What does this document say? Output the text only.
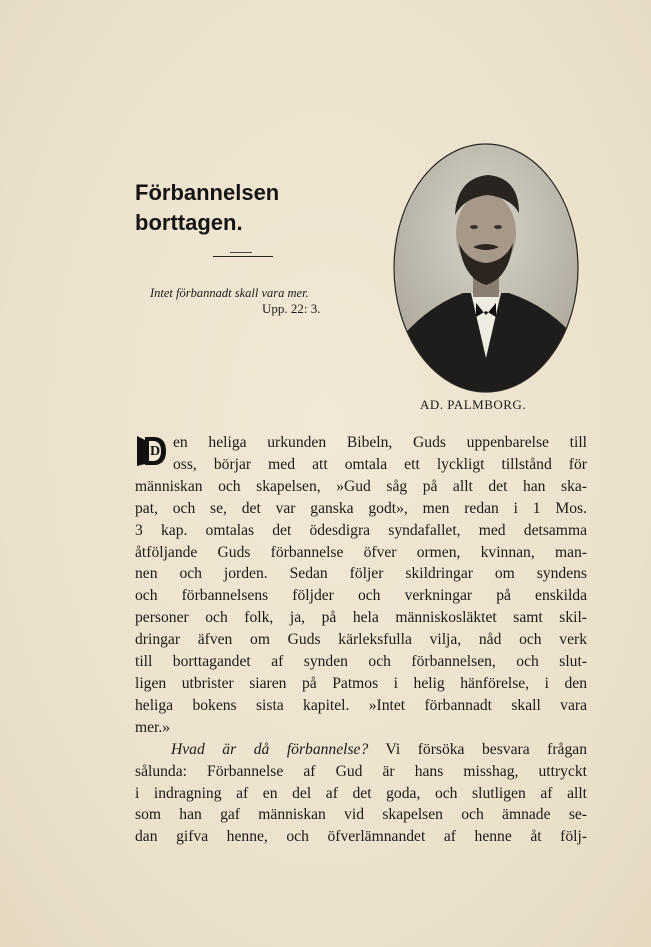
Förbannelsen
borttagen.
Intet förbannadt skall vara mer.
Upp. 22: 3.
AD. PALMBORG.
D
en heliga urkunden Bibeln, Guds uppenbarelse till
oss, börjar med att omtala ett lyckligt tillstånd för
människan och skapelsen, »Gud såg på allt det han ska-
pat, och se, det var ganska godt», men redan i 1 Mos.
3 kap. omtalas det ödesdigra syndafallet, med detsamma
åtföljande Guds förbannelse öfver ormen, kvinnan, man-
nen och jorden. Sedan följer skildringar om syndens
och förbannelsens följder och verkningar på enskilda
personer och folk, ja, på hela människosläktet samt skil-
dringar äfven om Guds kärleksfulla vilja, nåd och verk
till borttagandet af synden och förbannelsen, och slut-
ligen utbrister siaren på Patmos i helig hänförelse, i den
heliga bokens sista kapitel. »Intet förbannadt skall vara
mer.»
Hvad är då förbannelse? Vi försöka besvara frågan
sålunda: Förbannelse af Gud är hans misshag, uttryckt
i indragning af en del af det goda, och slutligen af allt
som han gaf människan vid skapelsen och ämnade se-
dan gifva henne, och öfverlämnandet af henne åt följ-
